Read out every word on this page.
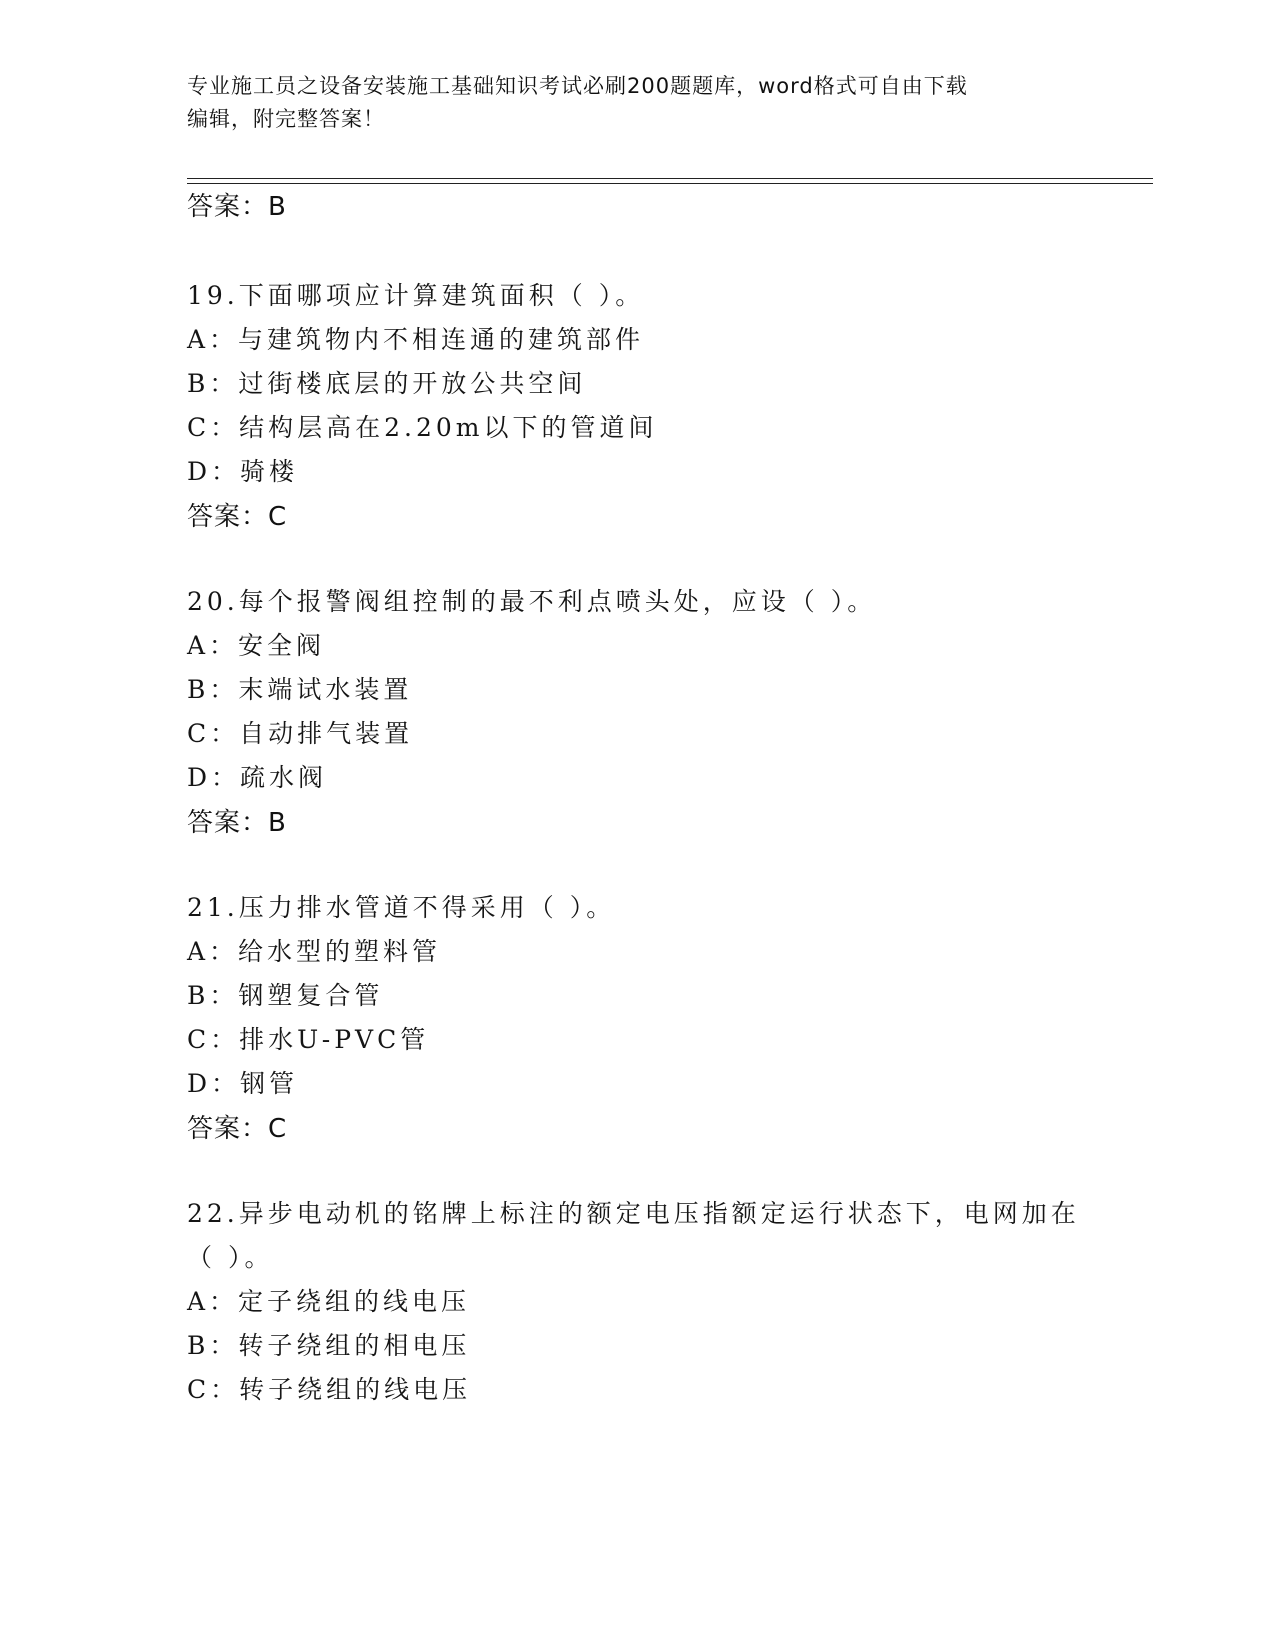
专业施工员之设备安装施工基础知识考试必刷200题题库，word格式可自由下载
编辑，附完整答案！
答案：B
19.下面哪项应计算建筑面积（ ）。
A：与建筑物内不相连通的建筑部件
B：过街楼底层的开放公共空间
C：结构层高在2.20m以下的管道间
D：骑楼
答案：C
20.每个报警阀组控制的最不利点喷头处，应设（ ）。
A：安全阀
B：末端试水装置
C：自动排气装置
D：疏水阀
答案：B
21.压力排水管道不得采用（ ）。
A：给水型的塑料管
B：钢塑复合管
C：排水U-PVC管
D：钢管
答案：C
22.异步电动机的铭牌上标注的额定电压指额定运行状态下，电网加在
（ ）。
A：定子绕组的线电压
B：转子绕组的相电压
C：转子绕组的线电压
